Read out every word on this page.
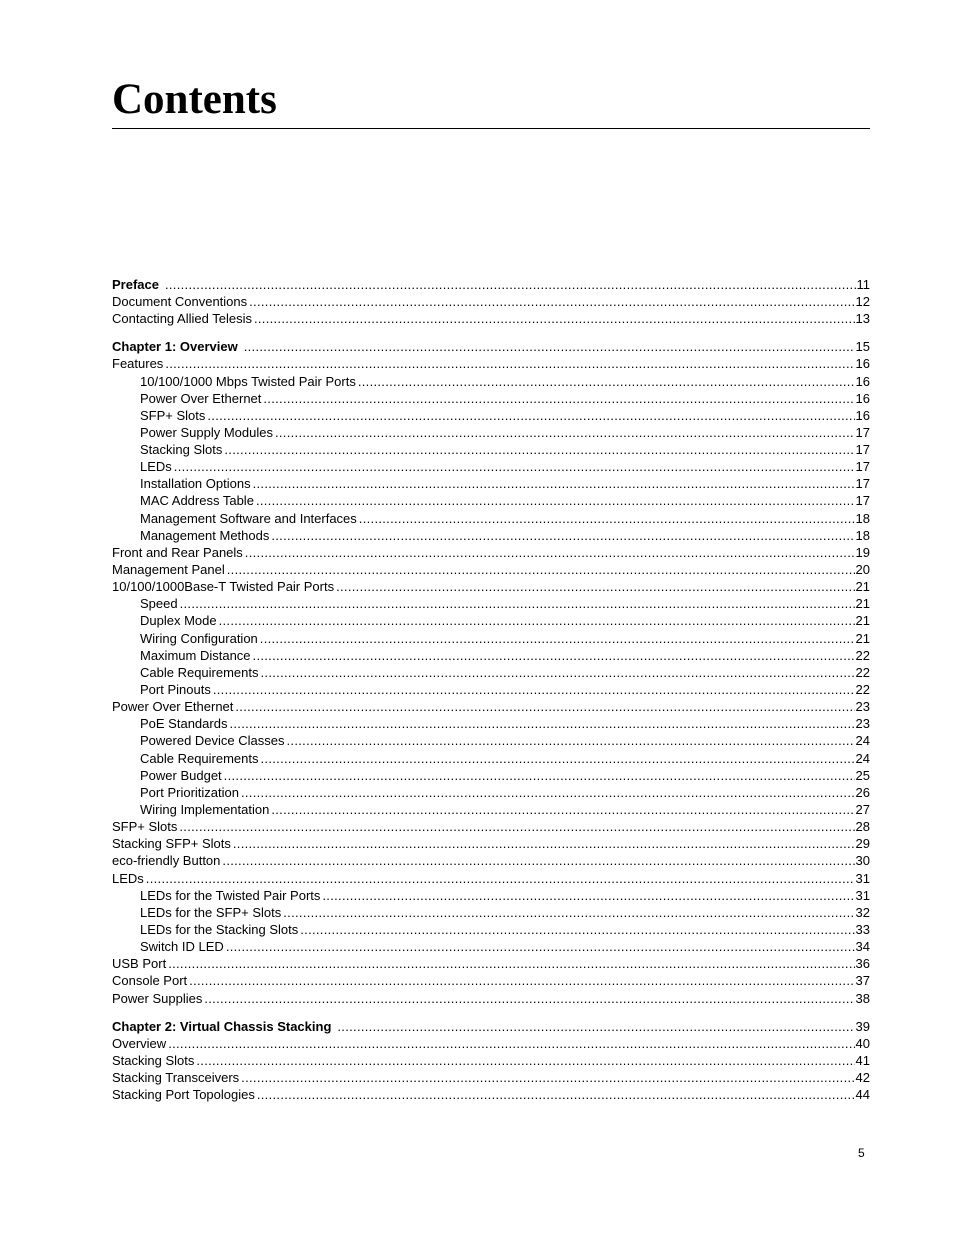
Contents
Preface .....	11
Document Conventions .....	12
Contacting Allied Telesis .....	13
Chapter 1: Overview .....	15
Features .....	16
10/100/1000 Mbps Twisted Pair Ports .....	16
Power Over Ethernet .....	16
SFP+ Slots .....	16
Power Supply Modules .....	17
Stacking Slots .....	17
LEDs .....	17
Installation Options .....	17
MAC Address Table .....	17
Management Software and Interfaces .....	18
Management Methods .....	18
Front and Rear Panels .....	19
Management Panel .....	20
10/100/1000Base-T Twisted Pair Ports .....	21
Speed .....	21
Duplex Mode .....	21
Wiring Configuration .....	21
Maximum Distance .....	22
Cable Requirements .....	22
Port Pinouts .....	22
Power Over Ethernet .....	23
PoE Standards .....	23
Powered Device Classes .....	24
Cable Requirements .....	24
Power Budget .....	25
Port Prioritization .....	26
Wiring Implementation .....	27
SFP+ Slots .....	28
Stacking SFP+ Slots .....	29
eco-friendly Button .....	30
LEDs .....	31
LEDs for the Twisted Pair Ports .....	31
LEDs for the SFP+ Slots .....	32
LEDs for the Stacking Slots .....	33
Switch ID LED .....	34
USB Port .....	36
Console Port .....	37
Power Supplies .....	38
Chapter 2: Virtual Chassis Stacking .....	39
Overview .....	40
Stacking Slots .....	41
Stacking Transceivers .....	42
Stacking Port Topologies .....	44
5
